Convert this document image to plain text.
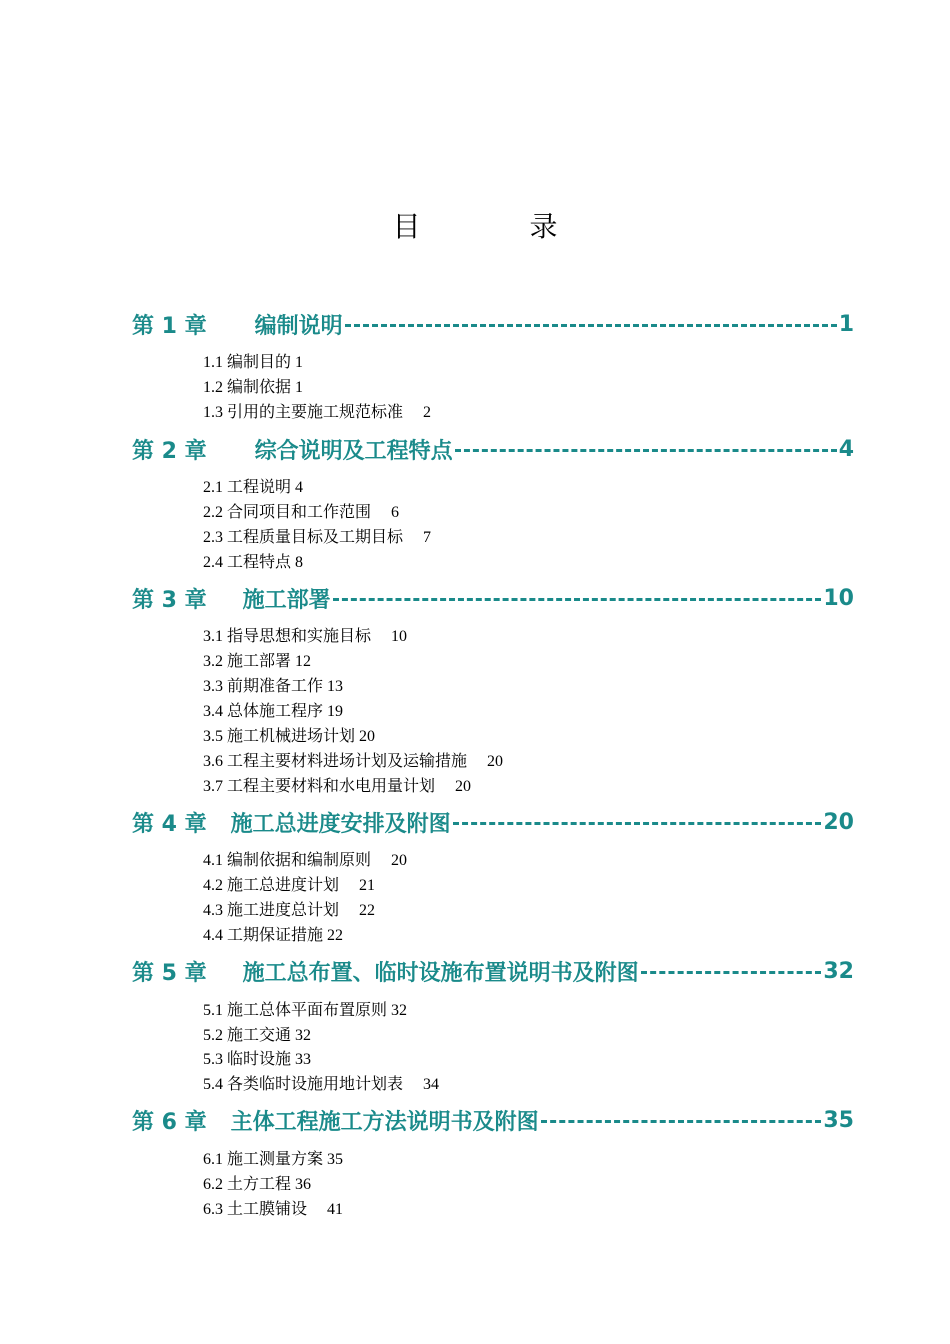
目 录
第 1 章 编制说明	1
1.1 编制目的 1
1.2 编制依据 1
1.3 引用的主要施工规范标准     2
第 2 章 综合说明及工程特点	4
2.1 工程说明 4
2.2 合同项目和工作范围     6
2.3 工程质量目标及工期目标     7
2.4 工程特点 8
第 3 章 施工部署	10
3.1 指导思想和实施目标     10
3.2 施工部署 12
3.3 前期准备工作 13
3.4 总体施工程序 19
3.5 施工机械进场计划 20
3.6 工程主要材料进场计划及运输措施     20
3.7 工程主要材料和水电用量计划     20
第 4 章 施工总进度安排及附图	20
4.1 编制依据和编制原则     20
4.2 施工总进度计划     21
4.3 施工进度总计划     22
4.4 工期保证措施 22
第 5 章 施工总布置、临时设施布置说明书及附图	32
5.1 施工总体平面布置原则 32
5.2 施工交通 32
5.3 临时设施 33
5.4 各类临时设施用地计划表     34
第 6 章 主体工程施工方法说明书及附图	35
6.1 施工测量方案 35
6.2 土方工程 36
6.3 土工膜铺设     41
